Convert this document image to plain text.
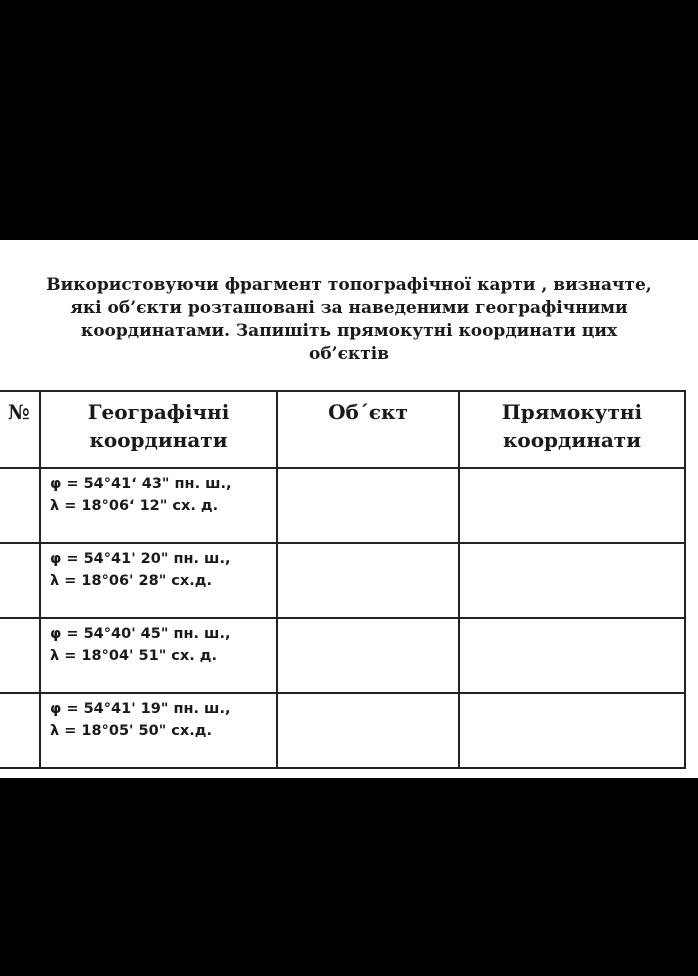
Використовуючи фрагмент топографічної карти , визначте,
які об’єкти розташовані за наведеними географічними
координатами. Запишіть прямокутні координати цих
об’єктів
№	Географічні координати	Об΄єкт	Прямокутні координати

	φ = 54°41‘ 43" пн. ш.,
λ = 18°06‘ 12" сх. д.		

	φ = 54°41' 20" пн. ш.,
λ = 18°06' 28" сх.д.		

	φ = 54°40' 45" пн. ш.,
λ = 18°04' 51" сх. д.		

	φ = 54°41' 19" пн. ш.,
λ = 18°05' 50" сх.д.		
